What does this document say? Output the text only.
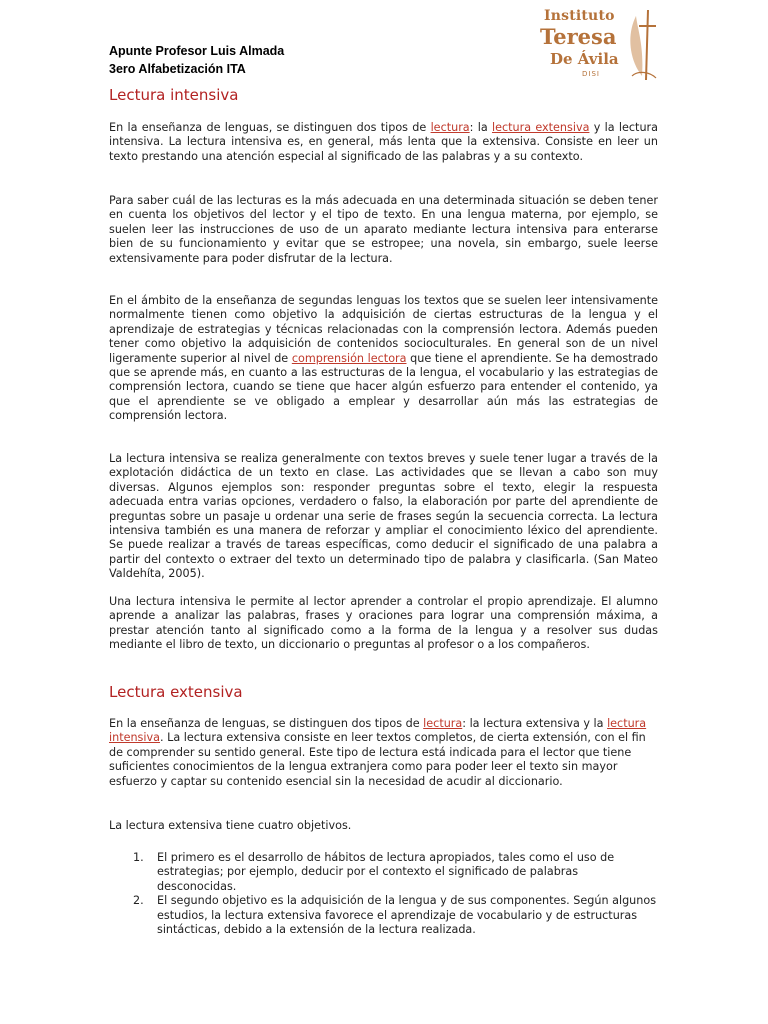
Apunte Profesor Luis Almada
3ero Alfabetización ITA
Instituto
Teresa
De Ávila
DISI
Lectura intensiva

En la enseñanza de lenguas, se distinguen dos tipos de lectura: la lectura extensiva y la lectura intensiva. La lectura intensiva es, en general, más lenta que la extensiva. Consiste en leer un texto prestando una atención especial al significado de las palabras y a su contexto.

Para saber cuál de las lecturas es la más adecuada en una determinada situación se deben tener en cuenta los objetivos del lector y el tipo de texto. En una lengua materna, por ejemplo, se suelen leer las instrucciones de uso de un aparato mediante lectura intensiva para enterarse bien de su funcionamiento y evitar que se estropee; una novela, sin embargo, suele leerse extensivamente para poder disfrutar de la lectura.

En el ámbito de la enseñanza de segundas lenguas los textos que se suelen leer intensivamente normalmente tienen como objetivo la adquisición de ciertas estructuras de la lengua y el aprendizaje de estrategias y técnicas relacionadas con la comprensión lectora. Además pueden tener como objetivo la adquisición de contenidos socioculturales. En general son de un nivel ligeramente superior al nivel de comprensión lectora que tiene el aprendiente. Se ha demostrado que se aprende más, en cuanto a las estructuras de la lengua, el vocabulario y las estrategias de comprensión lectora, cuando se tiene que hacer algún esfuerzo para entender el contenido, ya que el aprendiente se ve obligado a emplear y desarrollar aún más las estrategias de comprensión lectora.

La lectura intensiva se realiza generalmente con textos breves y suele tener lugar a través de la explotación didáctica de un texto en clase. Las actividades que se llevan a cabo son muy diversas. Algunos ejemplos son: responder preguntas sobre el texto, elegir la respuesta adecuada entra varias opciones, verdadero o falso, la elaboración por parte del aprendiente de preguntas sobre un pasaje u ordenar una serie de frases según la secuencia correcta. La lectura intensiva también es una manera de reforzar y ampliar el conocimiento léxico del aprendiente. Se puede realizar a través de tareas específicas, como deducir el significado de una palabra a partir del contexto o extraer del texto un determinado tipo de palabra y clasificarla. (San Mateo Valdehíta, 2005).

Una lectura intensiva le permite al lector aprender a controlar el propio aprendizaje. El alumno aprende a analizar las palabras, frases y oraciones para lograr una comprensión máxima, a prestar atención tanto al significado como a la forma de la lengua y a resolver sus dudas mediante el libro de texto, un diccionario o preguntas al profesor o a los compañeros.

Lectura extensiva

En la enseñanza de lenguas, se distinguen dos tipos de lectura: la lectura extensiva y la lectura intensiva. La lectura extensiva consiste en leer textos completos, de cierta extensión, con el fin de comprender su sentido general. Este tipo de lectura está indicada para el lector que tiene suficientes conocimientos de la lengua extranjera como para poder leer el texto sin mayor esfuerzo y captar su contenido esencial sin la necesidad de acudir al diccionario.

La lectura extensiva tiene cuatro objetivos.

1. El primero es el desarrollo de hábitos de lectura apropiados, tales como el uso de estrategias; por ejemplo, deducir por el contexto el significado de palabras desconocidas.
2. El segundo objetivo es la adquisición de la lengua y de sus componentes. Según algunos estudios, la lectura extensiva favorece el aprendizaje de vocabulario y de estructuras sintácticas, debido a la extensión de la lectura realizada.
